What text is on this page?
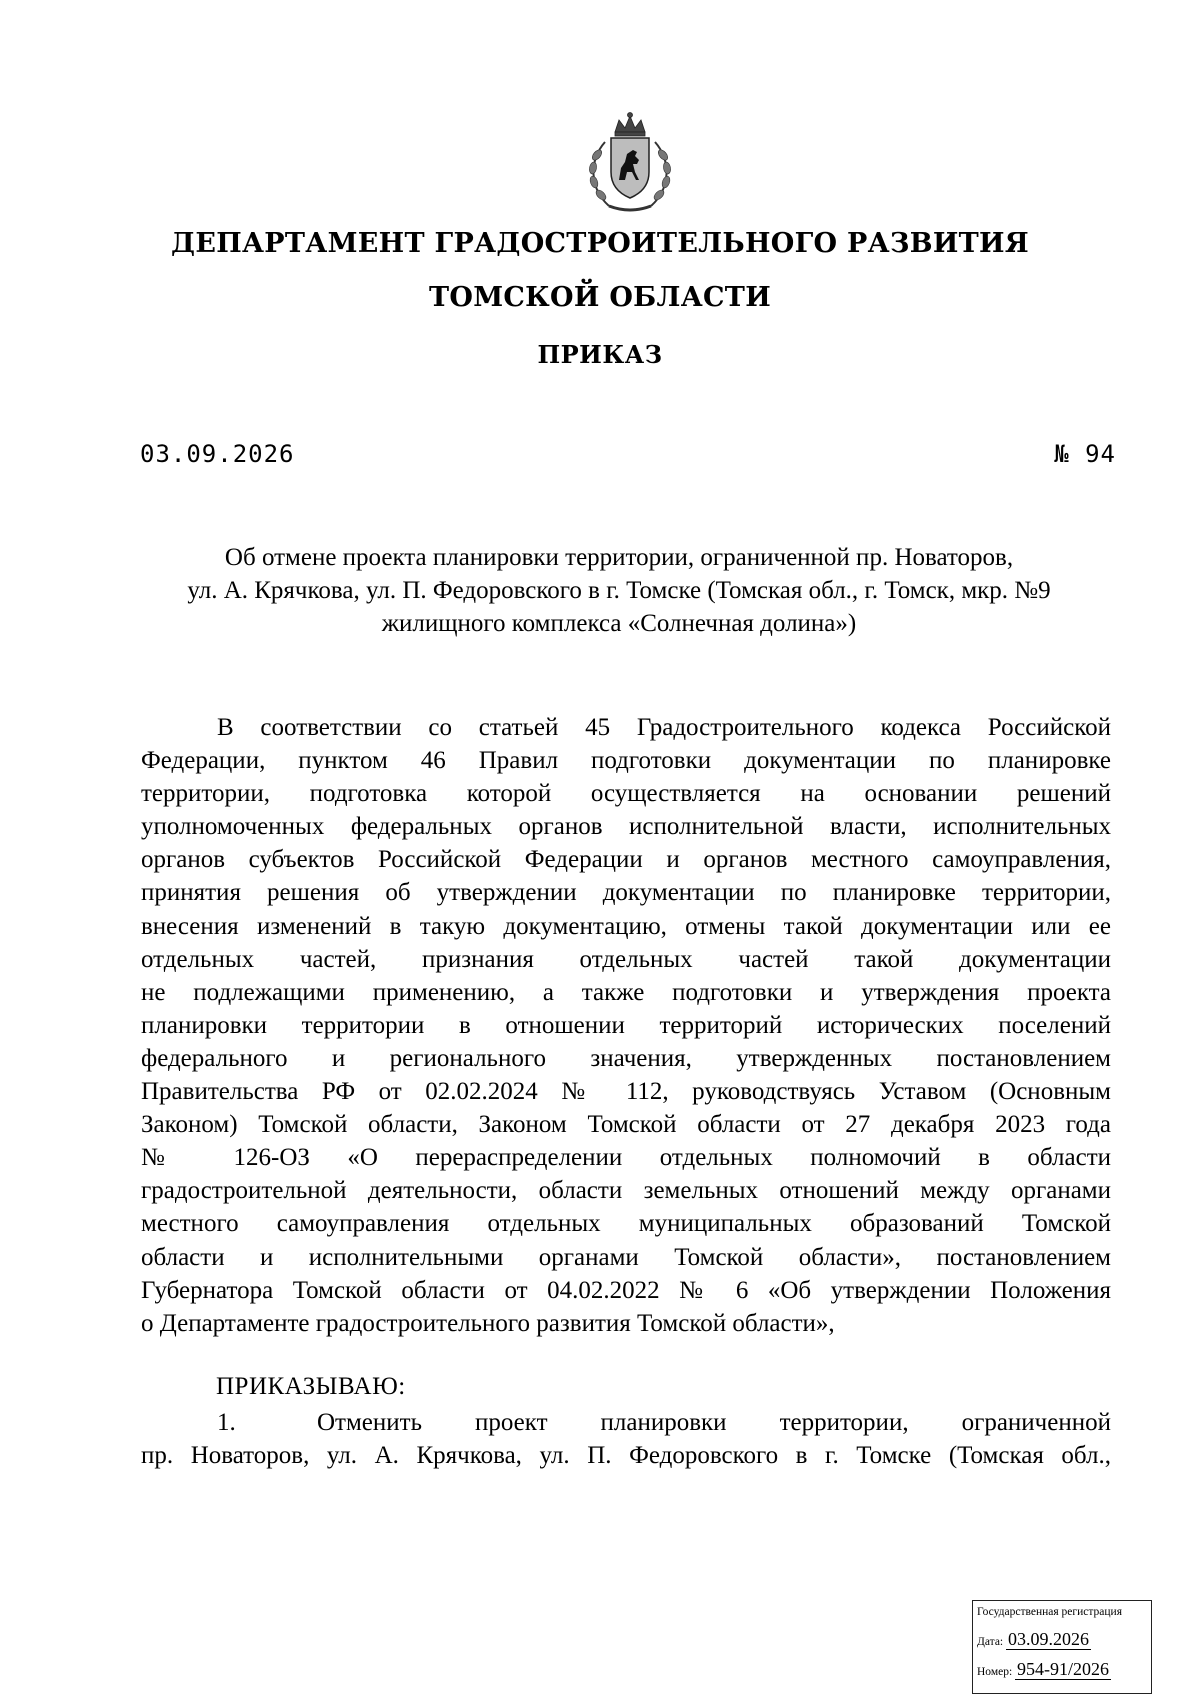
ДЕПАРТАМЕНТ ГРАДОСТРОИТЕЛЬНОГО РАЗВИТИЯ
ТОМСКОЙ ОБЛАСТИ
ПРИКАЗ
03.09.2026	№ 94
Об отмене проекта планировки территории, ограниченной пр. Новаторов,
ул. А. Крячкова, ул. П. Федоровского в г. Томске (Томская обл., г. Томск, мкр. №9
жилищного комплекса «Солнечная долина»)
В соответствии со статьей 45 Градостроительного кодекса Российской
Федерации, пунктом 46 Правил подготовки документации по планировке
территории, подготовка которой осуществляется на основании решений
уполномоченных федеральных органов исполнительной власти, исполнительных
органов субъектов Российской Федерации и органов местного самоуправления,
принятия решения об утверждении документации по планировке территории,
внесения изменений в такую документацию, отмены такой документации или ее
отдельных частей, признания отдельных частей такой документации
не подлежащими применению, а также подготовки и утверждения проекта
планировки территории в отношении территорий исторических поселений
федерального и регионального значения, утвержденных постановлением
Правительства РФ от 02.02.2024 № 112, руководствуясь Уставом (Основным
Законом) Томской области, Законом Томской области от 27 декабря 2023 года
№ 126-ОЗ «О перераспределении отдельных полномочий в области
градостроительной деятельности, области земельных отношений между органами
местного самоуправления отдельных муниципальных образований Томской
области и исполнительными органами Томской области», постановлением
Губернатора Томской области от 04.02.2022 № 6 «Об утверждении Положения
о Департаменте градостроительного развития Томской области»,
ПРИКАЗЫВАЮ:
1.	Отменить проект планировки территории, ограниченной
пр. Новаторов, ул. А. Крячкова, ул. П. Федоровского в г. Томске (Томская обл.,
Государственная регистрация
Дата: 03.09.2026
Номер: 954-91/2026
